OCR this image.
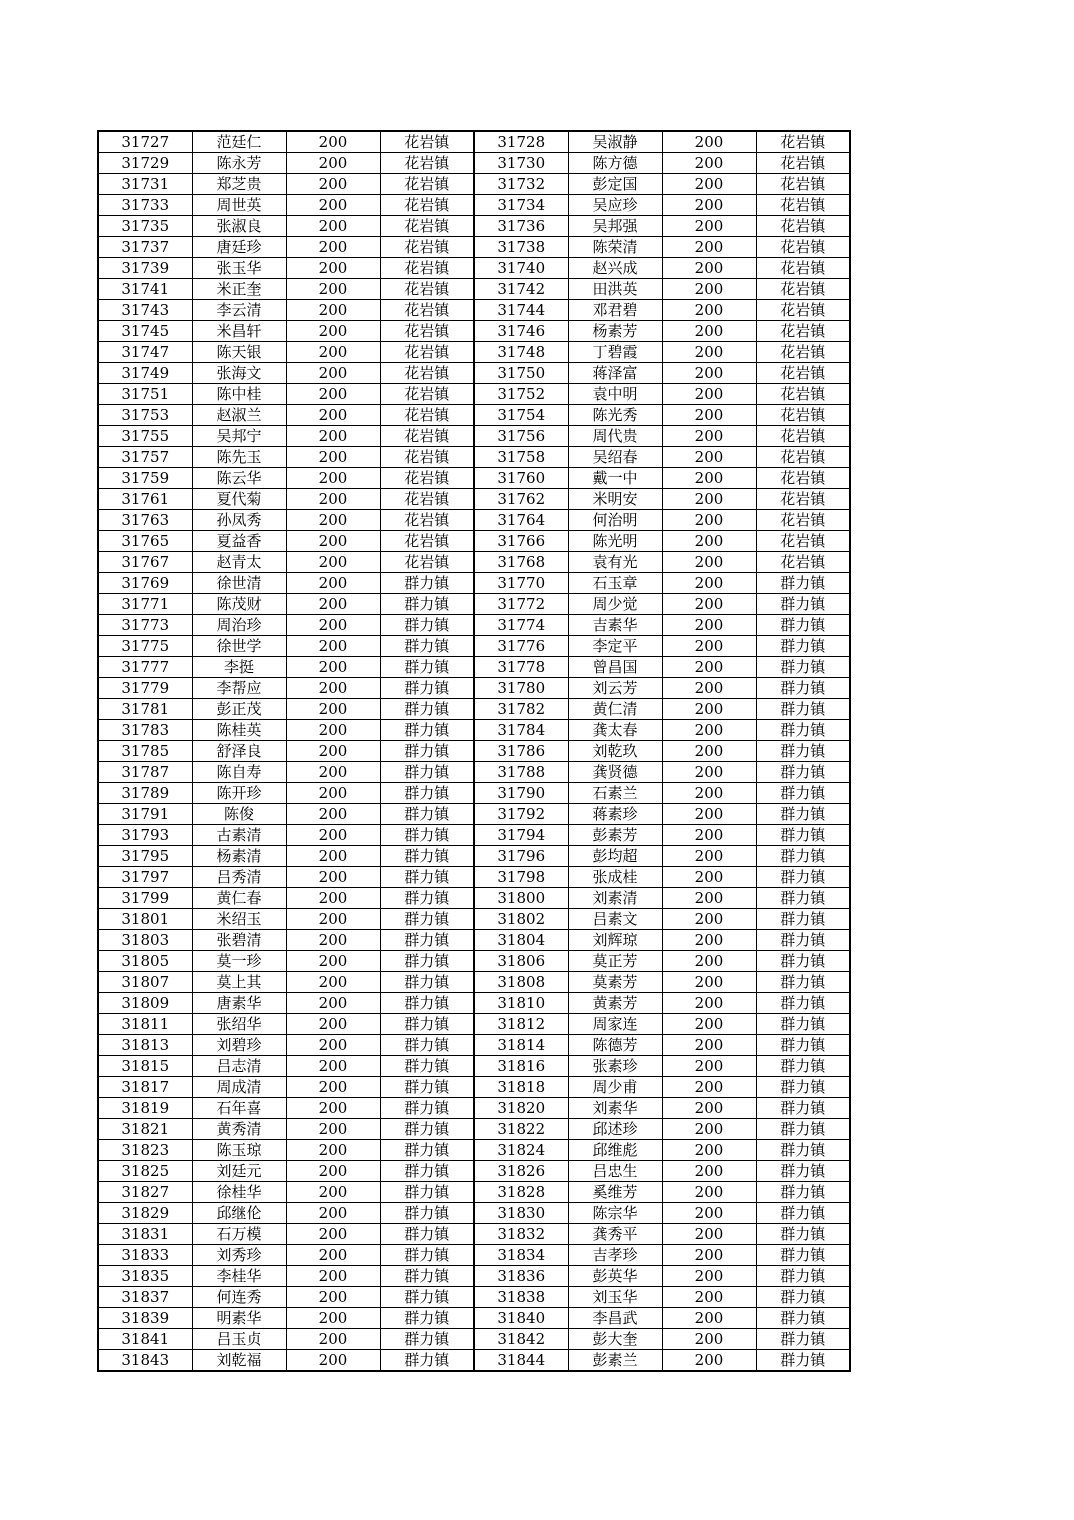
31727	范廷仁	200	花岩镇	31728	吴淑静	200	花岩镇
31729	陈永芳	200	花岩镇	31730	陈方德	200	花岩镇
31731	郑芝贵	200	花岩镇	31732	彭定国	200	花岩镇
31733	周世英	200	花岩镇	31734	吴应珍	200	花岩镇
31735	张淑良	200	花岩镇	31736	吴邦强	200	花岩镇
31737	唐廷珍	200	花岩镇	31738	陈荣清	200	花岩镇
31739	张玉华	200	花岩镇	31740	赵兴成	200	花岩镇
31741	米正奎	200	花岩镇	31742	田洪英	200	花岩镇
31743	李云清	200	花岩镇	31744	邓君碧	200	花岩镇
31745	米昌轩	200	花岩镇	31746	杨素芳	200	花岩镇
31747	陈天银	200	花岩镇	31748	丁碧霞	200	花岩镇
31749	张海文	200	花岩镇	31750	蒋泽富	200	花岩镇
31751	陈中桂	200	花岩镇	31752	袁中明	200	花岩镇
31753	赵淑兰	200	花岩镇	31754	陈光秀	200	花岩镇
31755	吴邦宁	200	花岩镇	31756	周代贵	200	花岩镇
31757	陈先玉	200	花岩镇	31758	吴绍春	200	花岩镇
31759	陈云华	200	花岩镇	31760	戴一中	200	花岩镇
31761	夏代菊	200	花岩镇	31762	米明安	200	花岩镇
31763	孙凤秀	200	花岩镇	31764	何治明	200	花岩镇
31765	夏益香	200	花岩镇	31766	陈光明	200	花岩镇
31767	赵青太	200	花岩镇	31768	袁有光	200	花岩镇
31769	徐世清	200	群力镇	31770	石玉章	200	群力镇
31771	陈茂财	200	群力镇	31772	周少觉	200	群力镇
31773	周治珍	200	群力镇	31774	吉素华	200	群力镇
31775	徐世学	200	群力镇	31776	李定平	200	群力镇
31777	李挺	200	群力镇	31778	曾昌国	200	群力镇
31779	李帮应	200	群力镇	31780	刘云芳	200	群力镇
31781	彭正茂	200	群力镇	31782	黄仁清	200	群力镇
31783	陈桂英	200	群力镇	31784	龚太春	200	群力镇
31785	舒泽良	200	群力镇	31786	刘乾玖	200	群力镇
31787	陈自寿	200	群力镇	31788	龚贤德	200	群力镇
31789	陈开珍	200	群力镇	31790	石素兰	200	群力镇
31791	陈俊	200	群力镇	31792	蒋素珍	200	群力镇
31793	古素清	200	群力镇	31794	彭素芳	200	群力镇
31795	杨素清	200	群力镇	31796	彭均超	200	群力镇
31797	吕秀清	200	群力镇	31798	张成桂	200	群力镇
31799	黄仁春	200	群力镇	31800	刘素清	200	群力镇
31801	米绍玉	200	群力镇	31802	吕素文	200	群力镇
31803	张碧清	200	群力镇	31804	刘辉琼	200	群力镇
31805	莫一珍	200	群力镇	31806	莫正芳	200	群力镇
31807	莫上其	200	群力镇	31808	莫素芳	200	群力镇
31809	唐素华	200	群力镇	31810	黄素芳	200	群力镇
31811	张绍华	200	群力镇	31812	周家连	200	群力镇
31813	刘碧珍	200	群力镇	31814	陈德芳	200	群力镇
31815	吕志清	200	群力镇	31816	张素珍	200	群力镇
31817	周成清	200	群力镇	31818	周少甫	200	群力镇
31819	石年喜	200	群力镇	31820	刘素华	200	群力镇
31821	黄秀清	200	群力镇	31822	邱述珍	200	群力镇
31823	陈玉琼	200	群力镇	31824	邱维彪	200	群力镇
31825	刘廷元	200	群力镇	31826	吕忠生	200	群力镇
31827	徐桂华	200	群力镇	31828	奚维芳	200	群力镇
31829	邱继伦	200	群力镇	31830	陈宗华	200	群力镇
31831	石万模	200	群力镇	31832	龚秀平	200	群力镇
31833	刘秀珍	200	群力镇	31834	吉孝珍	200	群力镇
31835	李桂华	200	群力镇	31836	彭英华	200	群力镇
31837	何连秀	200	群力镇	31838	刘玉华	200	群力镇
31839	明素华	200	群力镇	31840	李昌武	200	群力镇
31841	吕玉贞	200	群力镇	31842	彭大奎	200	群力镇
31843	刘乾福	200	群力镇	31844	彭素兰	200	群力镇
